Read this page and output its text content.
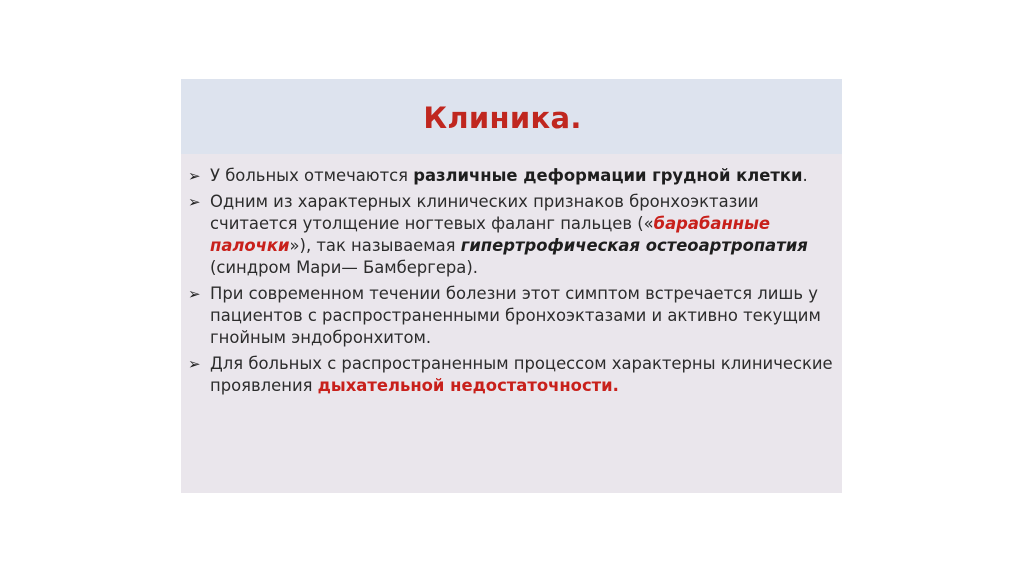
Клиника.
➢ У больных отмечаются различные деформации грудной клетки.
➢ Одним из характерных клинических признаков бронхоэктазии считается утолщение ногтевых фаланг пальцев («барабанные палочки»), так называемая гипертрофическая остеоартропатия (синдром Мари— Бамбергера).
➢ При современном течении болезни этот симптом встречается лишь у пациентов с распространенными бронхоэктазами и активно текущим гнойным эндобронхитом.
➢ Для больных с распространенным процессом характерны клинические проявления дыхательной недостаточности.
